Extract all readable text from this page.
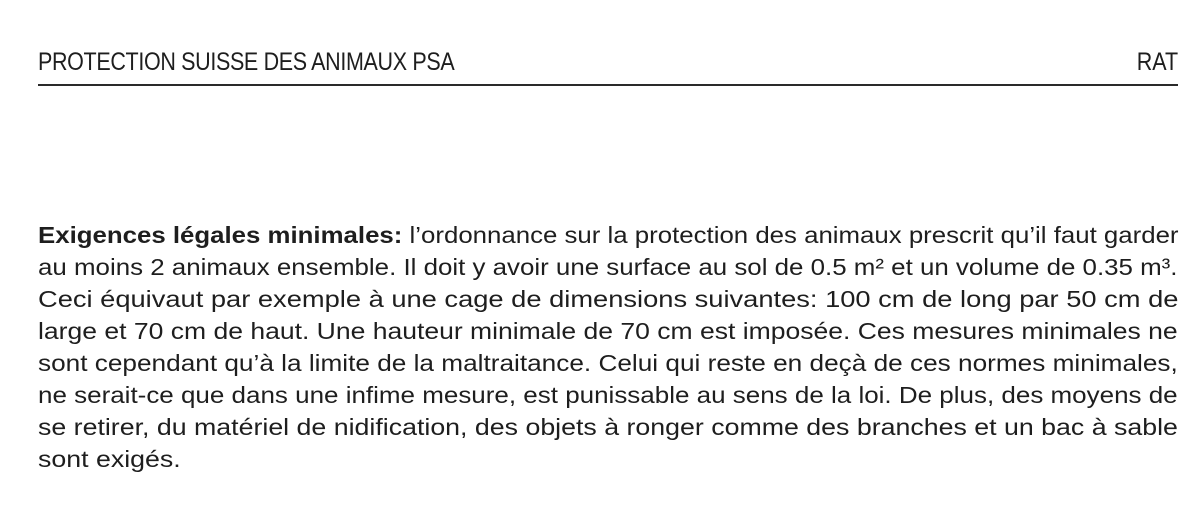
PROTECTION SUISSE DES ANIMAUX PSA	RAT
Exigences légales minimales: l’ordonnance sur la protection des animaux prescrit qu’il faut garder
au moins 2 animaux ensemble. Il doit y avoir une surface au sol de 0.5 m² et un volume de 0.35 m³.
Ceci équivaut par exemple à une cage de dimensions suivantes: 100 cm de long par 50 cm de
large et 70 cm de haut. Une hauteur minimale de 70 cm est imposée. Ces mesures minimales ne
sont cependant qu’à la limite de la maltraitance. Celui qui reste en deçà de ces normes minimales,
ne serait-ce que dans une infime mesure, est punissable au sens de la loi. De plus, des moyens de
se retirer, du matériel de nidification, des objets à ronger comme des branches et un bac à sable
sont exigés.
